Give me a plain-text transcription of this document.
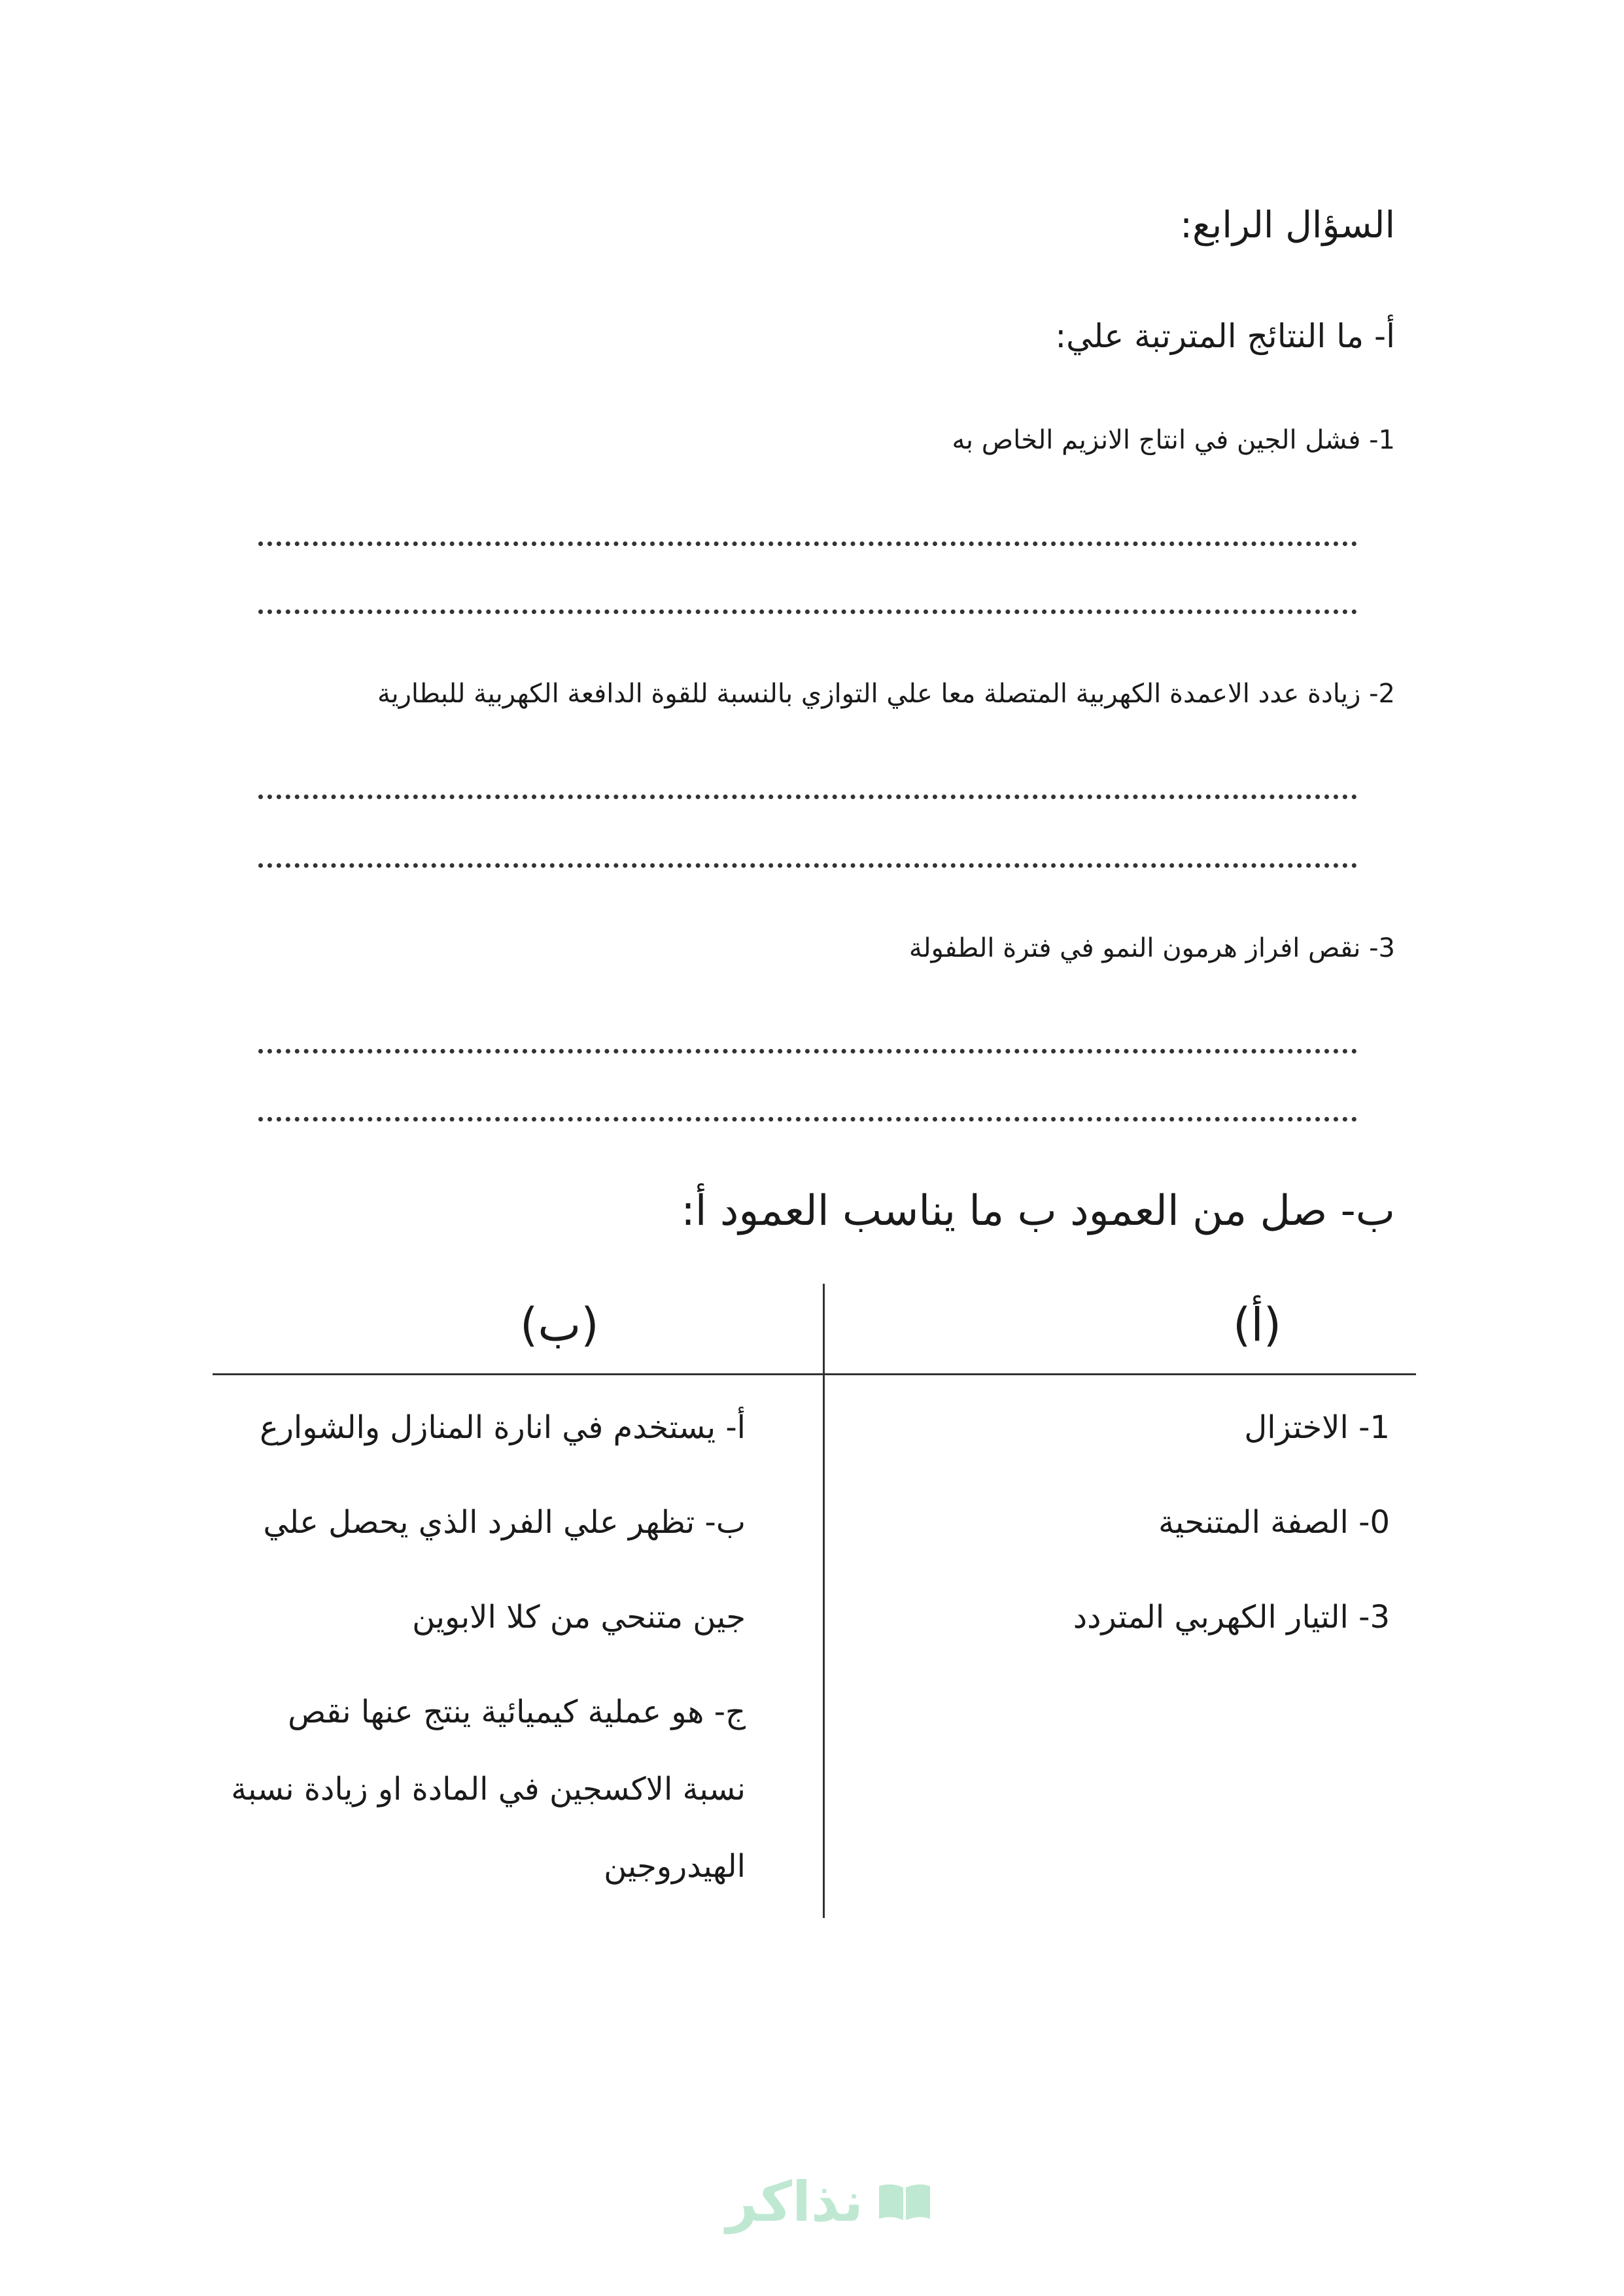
السؤال الرابع:
أ- ما النتائج المترتبة علي:
1- فشل الجين في انتاج الانزيم الخاص به
2- زيادة عدد الاعمدة الكهربية المتصلة معا علي التوازي بالنسبة للقوة الدافعة الكهربية للبطارية
3- نقص افراز هرمون النمو في فترة الطفولة
ب- صل من العمود ب ما يناسب العمود أ:
(أ)
(ب)
1- الاختزال
0- الصفة المتنحية
3- التيار الكهربي المتردد
أ- يستخدم في انارة المنازل والشوارع
ب- تظهر علي الفرد الذي يحصل علي
جين متنحي من كلا الابوين
ج- هو عملية كيميائية ينتج عنها نقص
نسبة الاكسجين في المادة او زيادة نسبة
الهيدروجين
نذاكر
